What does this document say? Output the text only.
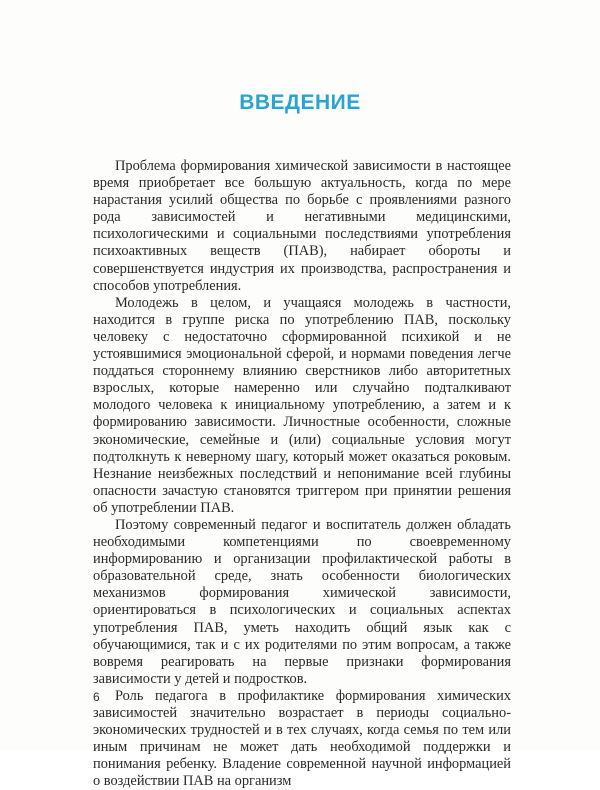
ВВЕДЕНИЕ

Проблема формирования химической зависимости в настоящее время приобретает все большую актуальность, когда по мере нарастания усилий общества по борьбе с проявлениями разного рода зависимостей и негативными медицинскими, психологическими и социальными последствиями употребления психоактивных веществ (ПАВ), набирает обороты и совершенствуется индустрия их производства, распространения и способов употребления.

Молодежь в целом, и учащаяся молодежь в частности, находится в группе риска по употреблению ПАВ, поскольку человеку с недостаточно сформированной психикой и не устоявшимися эмоциональной сферой, и нормами поведения легче поддаться стороннему влиянию сверстников либо авторитетных взрослых, которые намеренно или случайно подталкивают молодого человека к инициальному употреблению, а затем и к формированию зависимости. Личностные особенности, сложные экономические, семейные и (или) социальные условия могут подтолкнуть к неверному шагу, который может оказаться роковым. Незнание неизбежных последствий и непонимание всей глубины опасности зачастую становятся триггером при принятии решения об употреблении ПАВ.

Поэтому современный педагог и воспитатель должен обладать необходимыми компетенциями по своевременному информированию и организации профилактической работы в образовательной среде, знать особенности биологических механизмов формирования химической зависимости, ориентироваться в психологических и социальных аспектах употребления ПАВ, уметь находить общий язык как с обучающимися, так и с их родителями по этим вопросам, а также вовремя реагировать на первые признаки формирования зависимости у детей и подростков.

Роль педагога в профилактике формирования химических зависимостей значительно возрастает в периоды социально-экономических трудностей и в тех случаях, когда семья по тем или иным причинам не может дать необходимой поддержки и понимания ребенку. Владение современной научной информацией о воздействии ПАВ на организм

6
